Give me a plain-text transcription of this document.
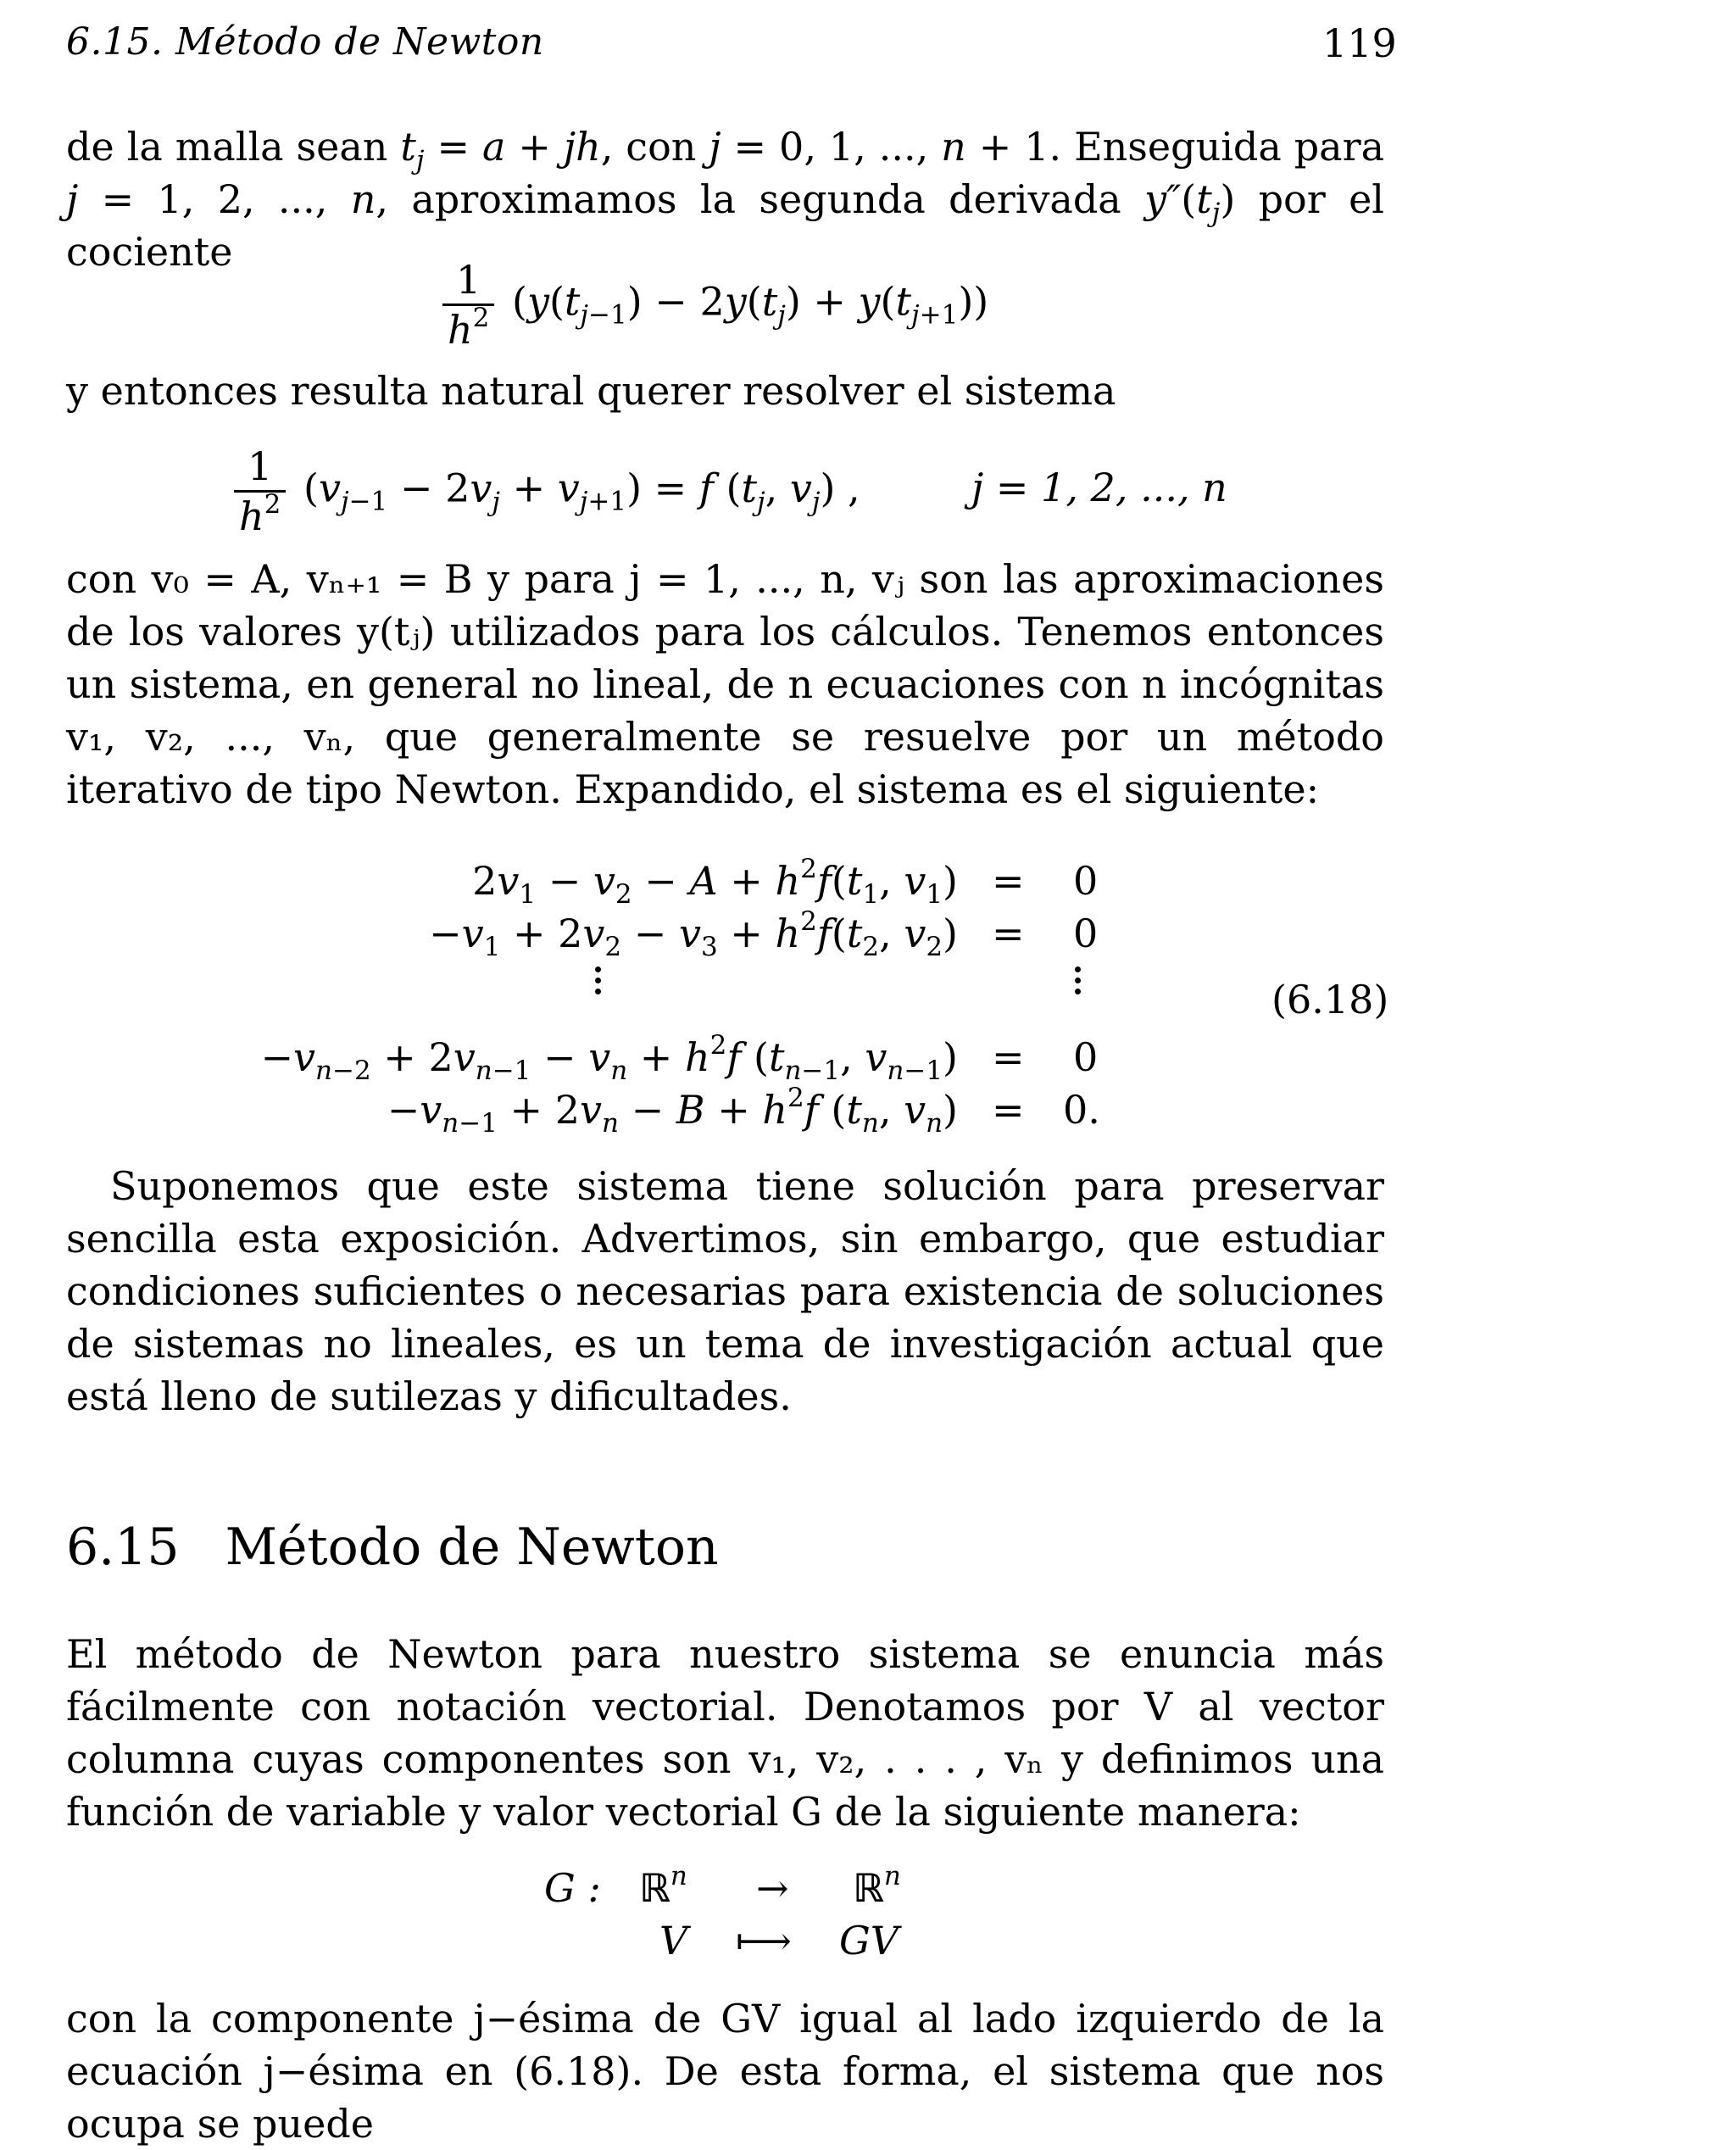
6.15. Método de Newton	119

de la malla sean $t_j = a$ + jh, con j = 0, 1, ..., n + 1. Enseguida para

j = 1, 2, ..., n, aproximamos la segunda derivada $y''(t_j)$ por el cociente

$\frac{1}{h^2} (y(t_{j-1}) - 2y(t_j) + y(t_{j+1}))$
y entonces resulta natural querer resolver el sistema
$\frac{1}{h^2} (v_{j-1} - 2v_j + v_{j+1}) = f$ ($t_j$, $v_j$) ,	j = 1, 2, ..., n
con v₀ = A, vₙ₊₁ = B y para j = 1, ..., n, vⱼ son las aproximaciones de los valores y(tⱼ) utilizados para los cálculos. Tenemos entonces un sistema, en general no lineal, de n ecuaciones con n incógnitas v₁, v₂, ..., vₙ, que generalmente se resuelve por un método iterativo de tipo Newton. Expandido, el sistema es el siguiente:
$2v_1 - v_2 - A + h^2f(t_1$, $v_1) = 0$
$-v_1 + 2v_2 - v_3 + h^2f(t_2$, $v_2) = 0$
(6.18)
$-v_{n-2} + 2v_{n-1} - v_n + h^2f$ ($t_{n-1}$, $v_{n-1}) = 0$
$-v_{n-1} + 2v_n - B + h^2f$ ($t_n$, $v_n) = 0$.
Suponemos que este sistema tiene solución para preservar sencilla esta exposición. Advertimos, sin embargo, que estudiar condiciones suficientes o necesarias para existencia de soluciones de sistemas no lineales, es un tema de investigación actual que está lleno de sutilezas y dificultades.
6.15 Método de Newton
El método de Newton para nuestro sistema se enuncia más fácilmente con notación vectorial. Denotamos por V al vector columna cuyas componentes son v₁, v₂, . . . , vₙ y definimos una función de variable y valor vectorial G de la siguiente manera:
G : ℝ$^n$ → ℝ$^n$
V ⟼ GV
con la componente j−ésima de GV igual al lado izquierdo de la ecuación j−ésima en (6.18). De esta forma, el sistema que nos ocupa se puede
